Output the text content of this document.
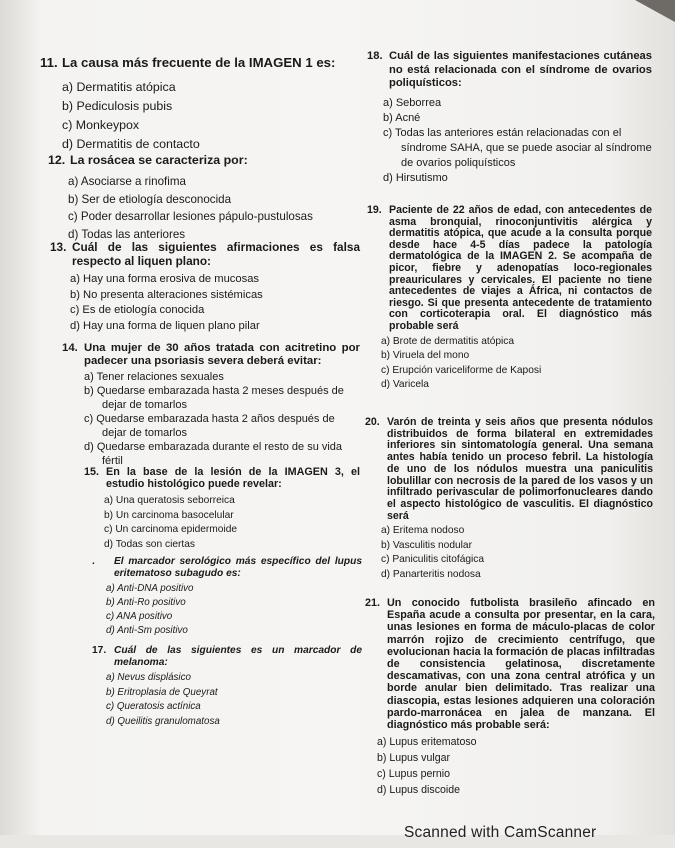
11. La causa más frecuente de la IMAGEN 1 es:
a) Dermatitis atópica
b) Pediculosis pubis
c) Monkeypox
d) Dermatitis de contacto
12. La rosácea se caracteriza por:
a) Asociarse a rinofima
b) Ser de etiología desconocida
c) Poder desarrollar lesiones pápulo-pustulosas
d) Todas las anteriores
13. Cuál de las siguientes afirmaciones es falsa respecto al liquen plano:
a) Hay una forma erosiva de mucosas
b) No presenta alteraciones sistémicas
c) Es de etiología conocida
d) Hay una forma de liquen plano pilar
14. Una mujer de 30 años tratada con acitretino por padecer una psoriasis severa deberá evitar:
a) Tener relaciones sexuales
b) Quedarse embarazada hasta 2 meses después de dejar de tomarlos
c) Quedarse embarazada hasta 2 años después de dejar de tomarlos
d) Quedarse embarazada durante el resto de su vida fértil
15. En la base de la lesión de la IMAGEN 3, el estudio histológico puede revelar:
a) Una queratosis seborreica
b) Un carcinoma basocelular
c) Un carcinoma epidermoide
d) Todas son ciertas
. El marcador serológico más específico del lupus eritematoso subagudo es:
a) Anti-DNA positivo
b) Anti-Ro positivo
c) ANA positivo
d) Anti-Sm positivo
17. Cuál de las siguientes es un marcador de melanoma:
a) Nevus displásico
b) Eritroplasia de Queyrat
c) Queratosis actínica
d) Queilitis granulomatosa
18. Cuál de las siguientes manifestaciones cutáneas no está relacionada con el síndrome de ovarios poliquísticos:
a) Seborrea
b) Acné
c) Todas las anteriores están relacionadas con el síndrome SAHA, que se puede asociar al síndrome de ovarios poliquísticos
d) Hirsutismo
19. Paciente de 22 años de edad, con antecedentes de asma bronquial, rinoconjuntivitis alérgica y dermatitis atópica, que acude a la consulta porque desde hace 4-5 días padece la patología dermatológica de la IMAGEN 2. Se acompaña de picor, fiebre y adenopatías loco-regionales preauriculares y cervicales. El paciente no tiene antecedentes de viajes a África, ni contactos de riesgo. Si que presenta antecedente de tratamiento con corticoterapia oral. El diagnóstico más probable será
a) Brote de dermatitis atópica
b) Viruela del mono
c) Erupción variceliforme de Kaposi
d) Varicela
20. Varón de treinta y seis años que presenta nódulos distribuidos de forma bilateral en extremidades inferiores sin sintomatología general. Una semana antes había tenido un proceso febril. La histología de uno de los nódulos muestra una paniculitis lobulillar con necrosis de la pared de los vasos y un infiltrado perivascular de polimorfonucleares dando el aspecto histológico de vasculitis. El diagnóstico será
a) Eritema nodoso
b) Vasculitis nodular
c) Paniculitis citofágica
d) Panarteritis nodosa
21. Un conocido futbolista brasileño afincado en España acude a consulta por presentar, en la cara, unas lesiones en forma de máculo-placas de color marrón rojizo de crecimiento centrífugo, que evolucionan hacia la formación de placas infiltradas de consistencia gelatinosa, discretamente descamativas, con una zona central atrófica y un borde anular bien delimitado. Tras realizar una diascopia, estas lesiones adquieren una coloración pardo-marronácea en jalea de manzana. El diagnóstico más probable será:
a) Lupus eritematoso
b) Lupus vulgar
c) Lupus pernio
d) Lupus discoide
Scanned with CamScanner
